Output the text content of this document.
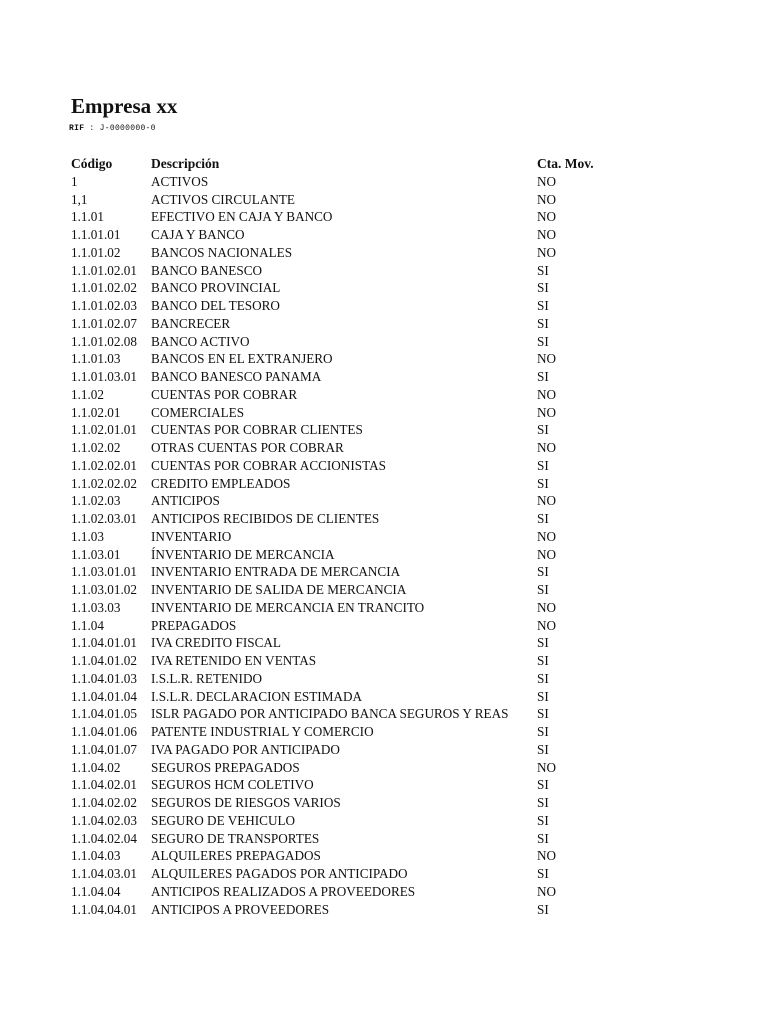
Empresa xx
RIF : J-0000000-0
Código	Descripción	Cta. Mov.
1	ACTIVOS	NO
1,1	ACTIVOS CIRCULANTE	NO
1.1.01	EFECTIVO EN CAJA Y BANCO	NO
1.1.01.01	CAJA Y BANCO	NO
1.1.01.02	BANCOS NACIONALES	NO
1.1.01.02.01	BANCO BANESCO	SI
1.1.01.02.02	BANCO PROVINCIAL	SI
1.1.01.02.03	BANCO DEL TESORO	SI
1.1.01.02.07	BANCRECER	SI
1.1.01.02.08	BANCO ACTIVO	SI
1.1.01.03	BANCOS EN EL EXTRANJERO	NO
1.1.01.03.01	BANCO BANESCO PANAMA	SI
1.1.02	CUENTAS POR COBRAR	NO
1.1.02.01	COMERCIALES	NO
1.1.02.01.01	CUENTAS POR COBRAR CLIENTES	SI
1.1.02.02	OTRAS CUENTAS POR COBRAR	NO
1.1.02.02.01	CUENTAS POR COBRAR ACCIONISTAS	SI
1.1.02.02.02	CREDITO EMPLEADOS	SI
1.1.02.03	ANTICIPOS	NO
1.1.02.03.01	ANTICIPOS RECIBIDOS DE CLIENTES	SI
1.1.03	INVENTARIO	NO
1.1.03.01	ÍNVENTARIO DE MERCANCIA	NO
1.1.03.01.01	INVENTARIO ENTRADA DE MERCANCIA	SI
1.1.03.01.02	INVENTARIO DE SALIDA DE MERCANCIA	SI
1.1.03.03	INVENTARIO DE MERCANCIA EN TRANCITO	NO
1.1.04	PREPAGADOS	NO
1.1.04.01.01	IVA CREDITO FISCAL	SI
1.1.04.01.02	IVA RETENIDO EN VENTAS	SI
1.1.04.01.03	I.S.L.R. RETENIDO	SI
1.1.04.01.04	I.S.L.R. DECLARACION ESTIMADA	SI
1.1.04.01.05	ISLR PAGADO POR ANTICIPADO BANCA SEGUROS Y REAS	SI
1.1.04.01.06	PATENTE INDUSTRIAL Y COMERCIO	SI
1.1.04.01.07	IVA PAGADO POR ANTICIPADO	SI
1.1.04.02	SEGUROS PREPAGADOS	NO
1.1.04.02.01	SEGUROS HCM COLETIVO	SI
1.1.04.02.02	SEGUROS DE RIESGOS VARIOS	SI
1.1.04.02.03	SEGURO DE VEHICULO	SI
1.1.04.02.04	SEGURO DE TRANSPORTES	SI
1.1.04.03	ALQUILERES PREPAGADOS	NO
1.1.04.03.01	ALQUILERES PAGADOS POR ANTICIPADO	SI
1.1.04.04	ANTICIPOS REALIZADOS A PROVEEDORES	NO
1.1.04.04.01	ANTICIPOS A PROVEEDORES	SI
